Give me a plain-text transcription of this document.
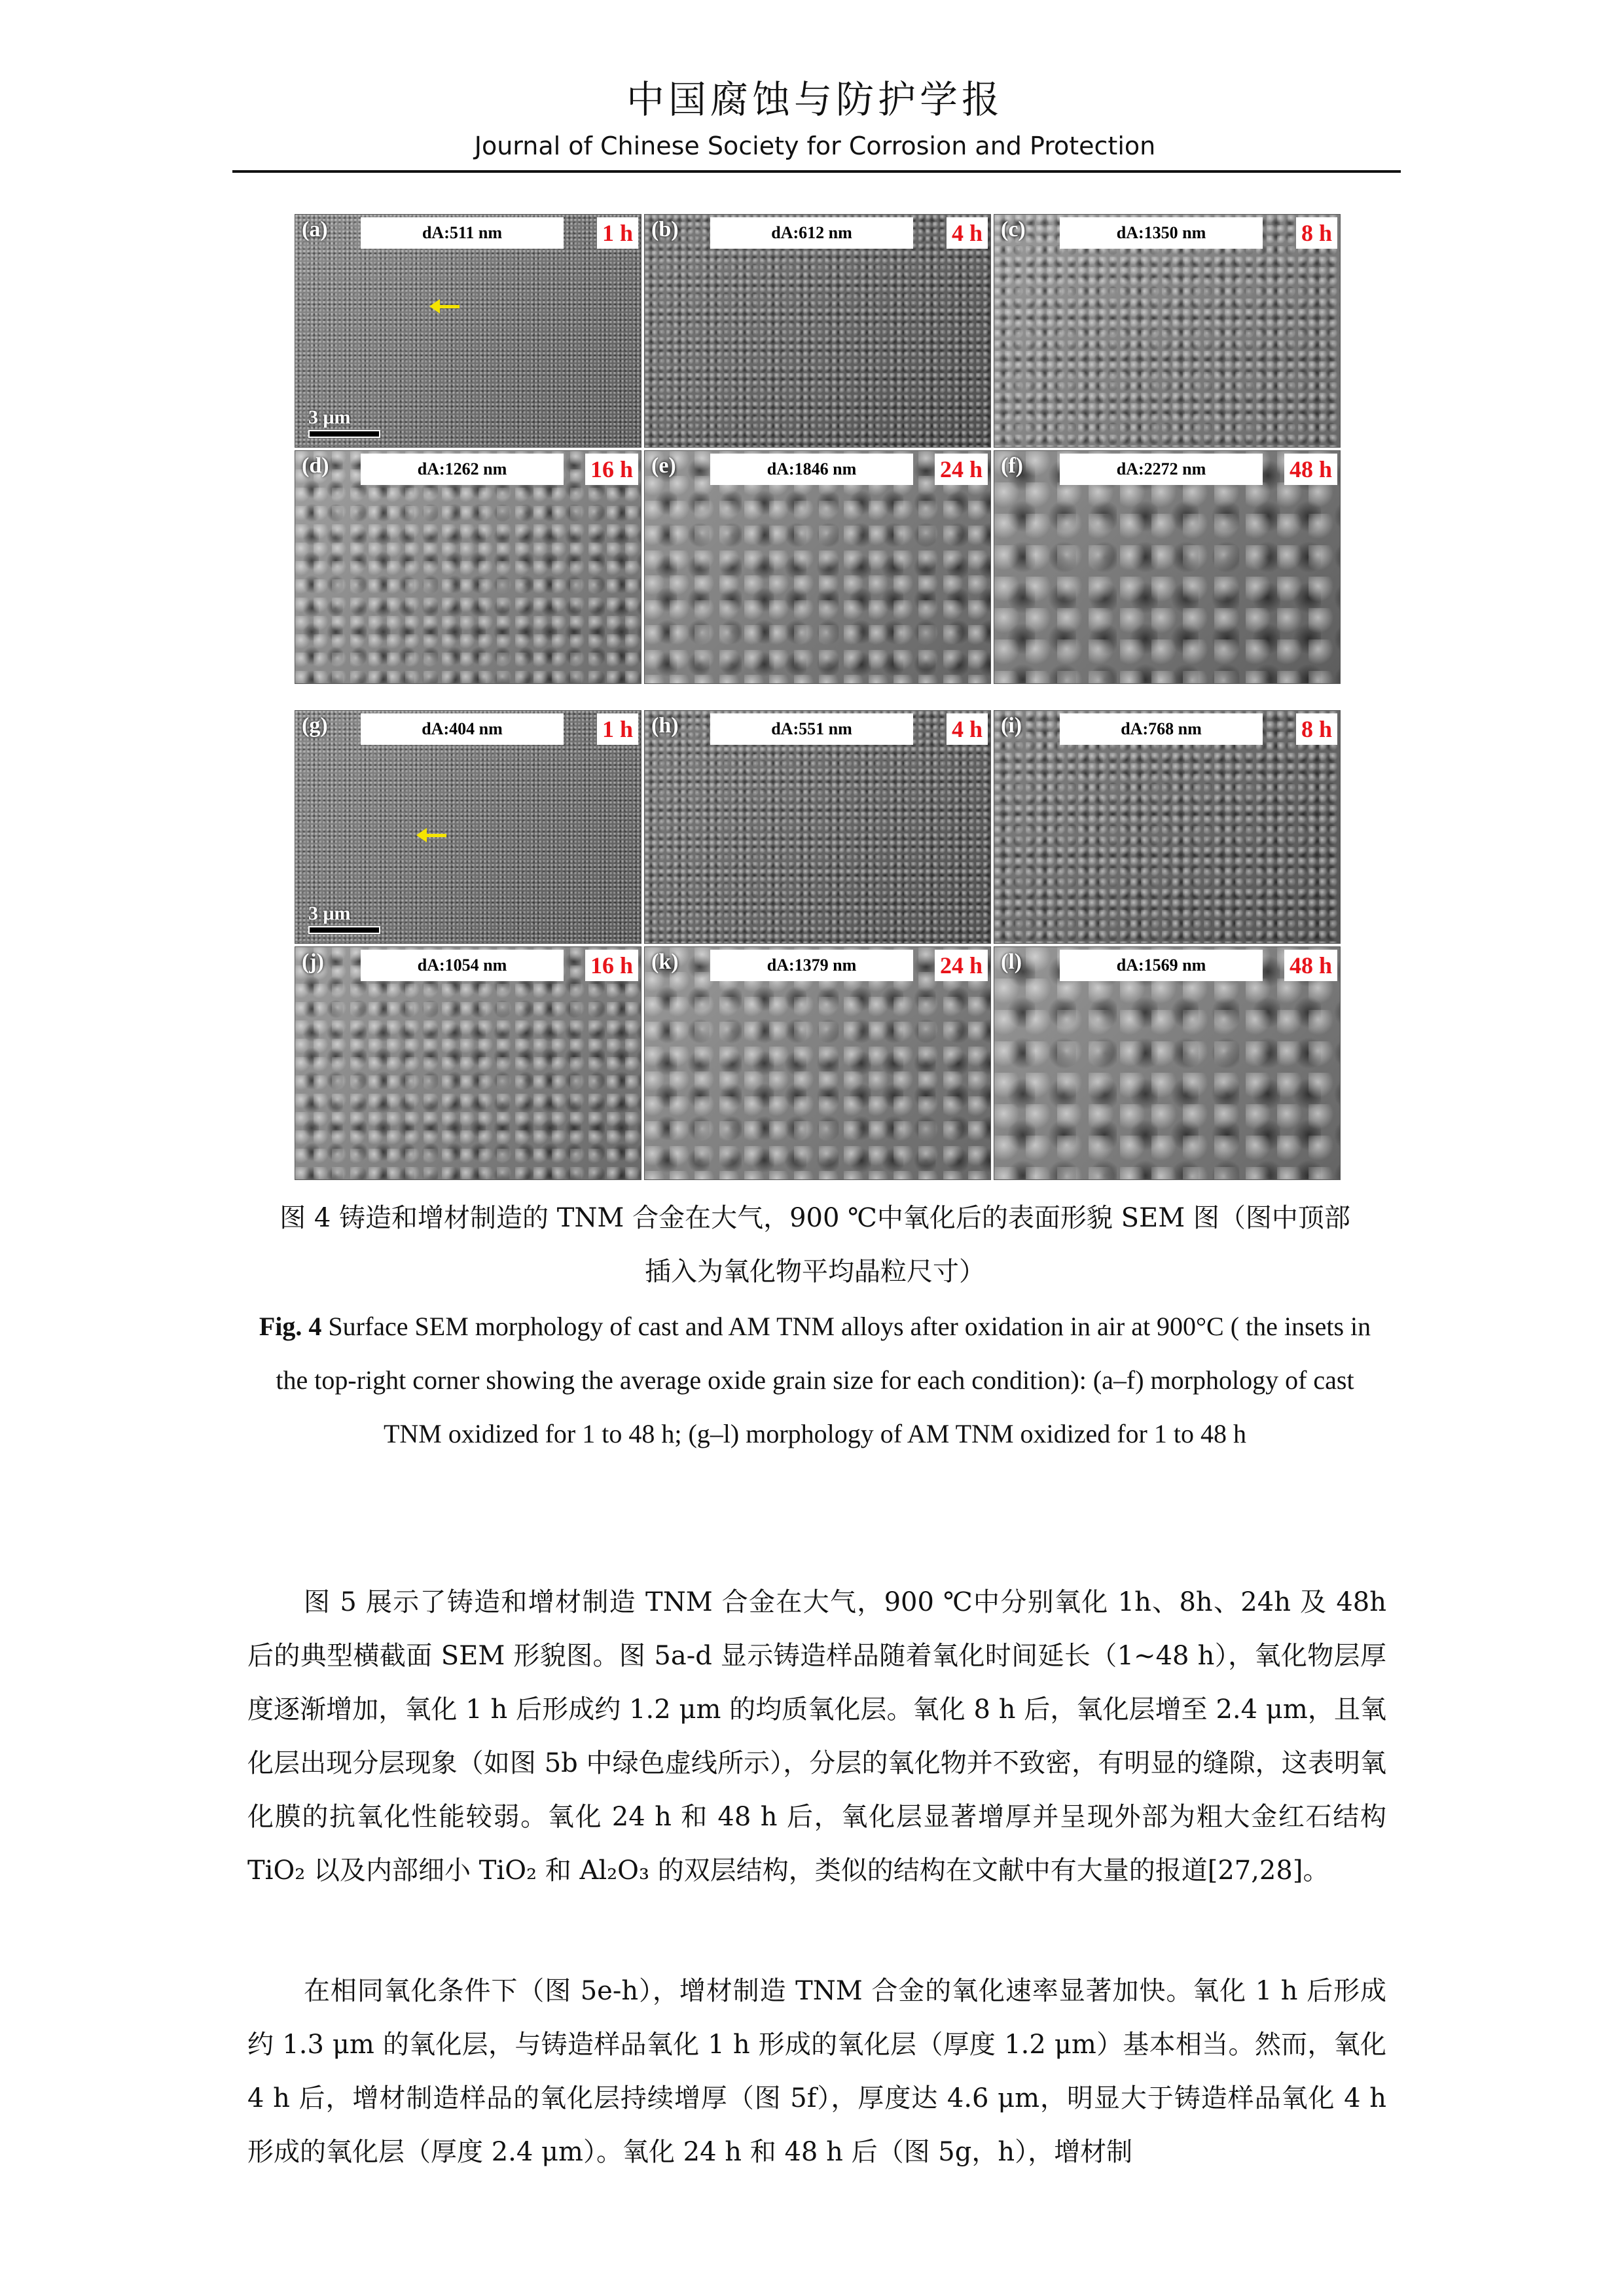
中国腐蚀与防护学报
Journal of Chinese Society for Corrosion and Protection
(a)	dA:511 nm	1 h
3 μm
(b)	dA:612 nm	4 h (c)	dA:1350 nm	8 h
(d)	dA:1262 nm	16 h (e)	dA:1846 nm	24 h (f)	dA:2272 nm	48 h
(g)	dA:404 nm	1 h
3 μm
(h)	dA:551 nm	4 h (i)	dA:768 nm	8 h
(j)	dA:1054 nm	16 h (k)	dA:1379 nm	24 h (l)	dA:1569 nm	48 h
图 4 铸造和增材制造的 TNM 合金在大气，900 ℃中氧化后的表面形貌 SEM 图（图中顶部
插入为氧化物平均晶粒尺寸）
Fig. 4 Surface SEM morphology of cast and AM TNM alloys after oxidation in air at 900°C ( the insets in the top-right corner showing the average oxide grain size for each condition): (a–f) morphology of cast TNM oxidized for 1 to 48 h; (g–l) morphology of AM TNM oxidized for 1 to 48 h

图 5 展示了铸造和增材制造 TNM 合金在大气，900 ℃中分别氧化 1h、8h、24h 及 48h 后的典型横截面 SEM 形貌图。图 5a-d 显示铸造样品随着氧化时间延长（1~48 h），氧化物层厚度逐渐增加，氧化 1 h 后形成约 1.2 μm 的均质氧化层。氧化 8 h 后，氧化层增至 2.4 μm，且氧化层出现分层现象（如图 5b 中绿色虚线所示），分层的氧化物并不致密，有明显的缝隙，这表明氧化膜的抗氧化性能较弱。氧化 24 h 和 48 h 后，氧化层显著增厚并呈现外部为粗大金红石结构 TiO₂ 以及内部细小 TiO₂ 和 Al₂O₃ 的双层结构，类似的结构在文献中有大量的报道[27,28]。

在相同氧化条件下（图 5e-h），增材制造 TNM 合金的氧化速率显著加快。氧化 1 h 后形成约 1.3 μm 的氧化层，与铸造样品氧化 1 h 形成的氧化层（厚度 1.2 μm）基本相当。然而，氧化 4 h 后，增材制造样品的氧化层持续增厚（图 5f），厚度达 4.6 μm，明显大于铸造样品氧化 4 h 形成的氧化层（厚度 2.4 μm）。氧化 24 h 和 48 h 后（图 5g，h），增材制
